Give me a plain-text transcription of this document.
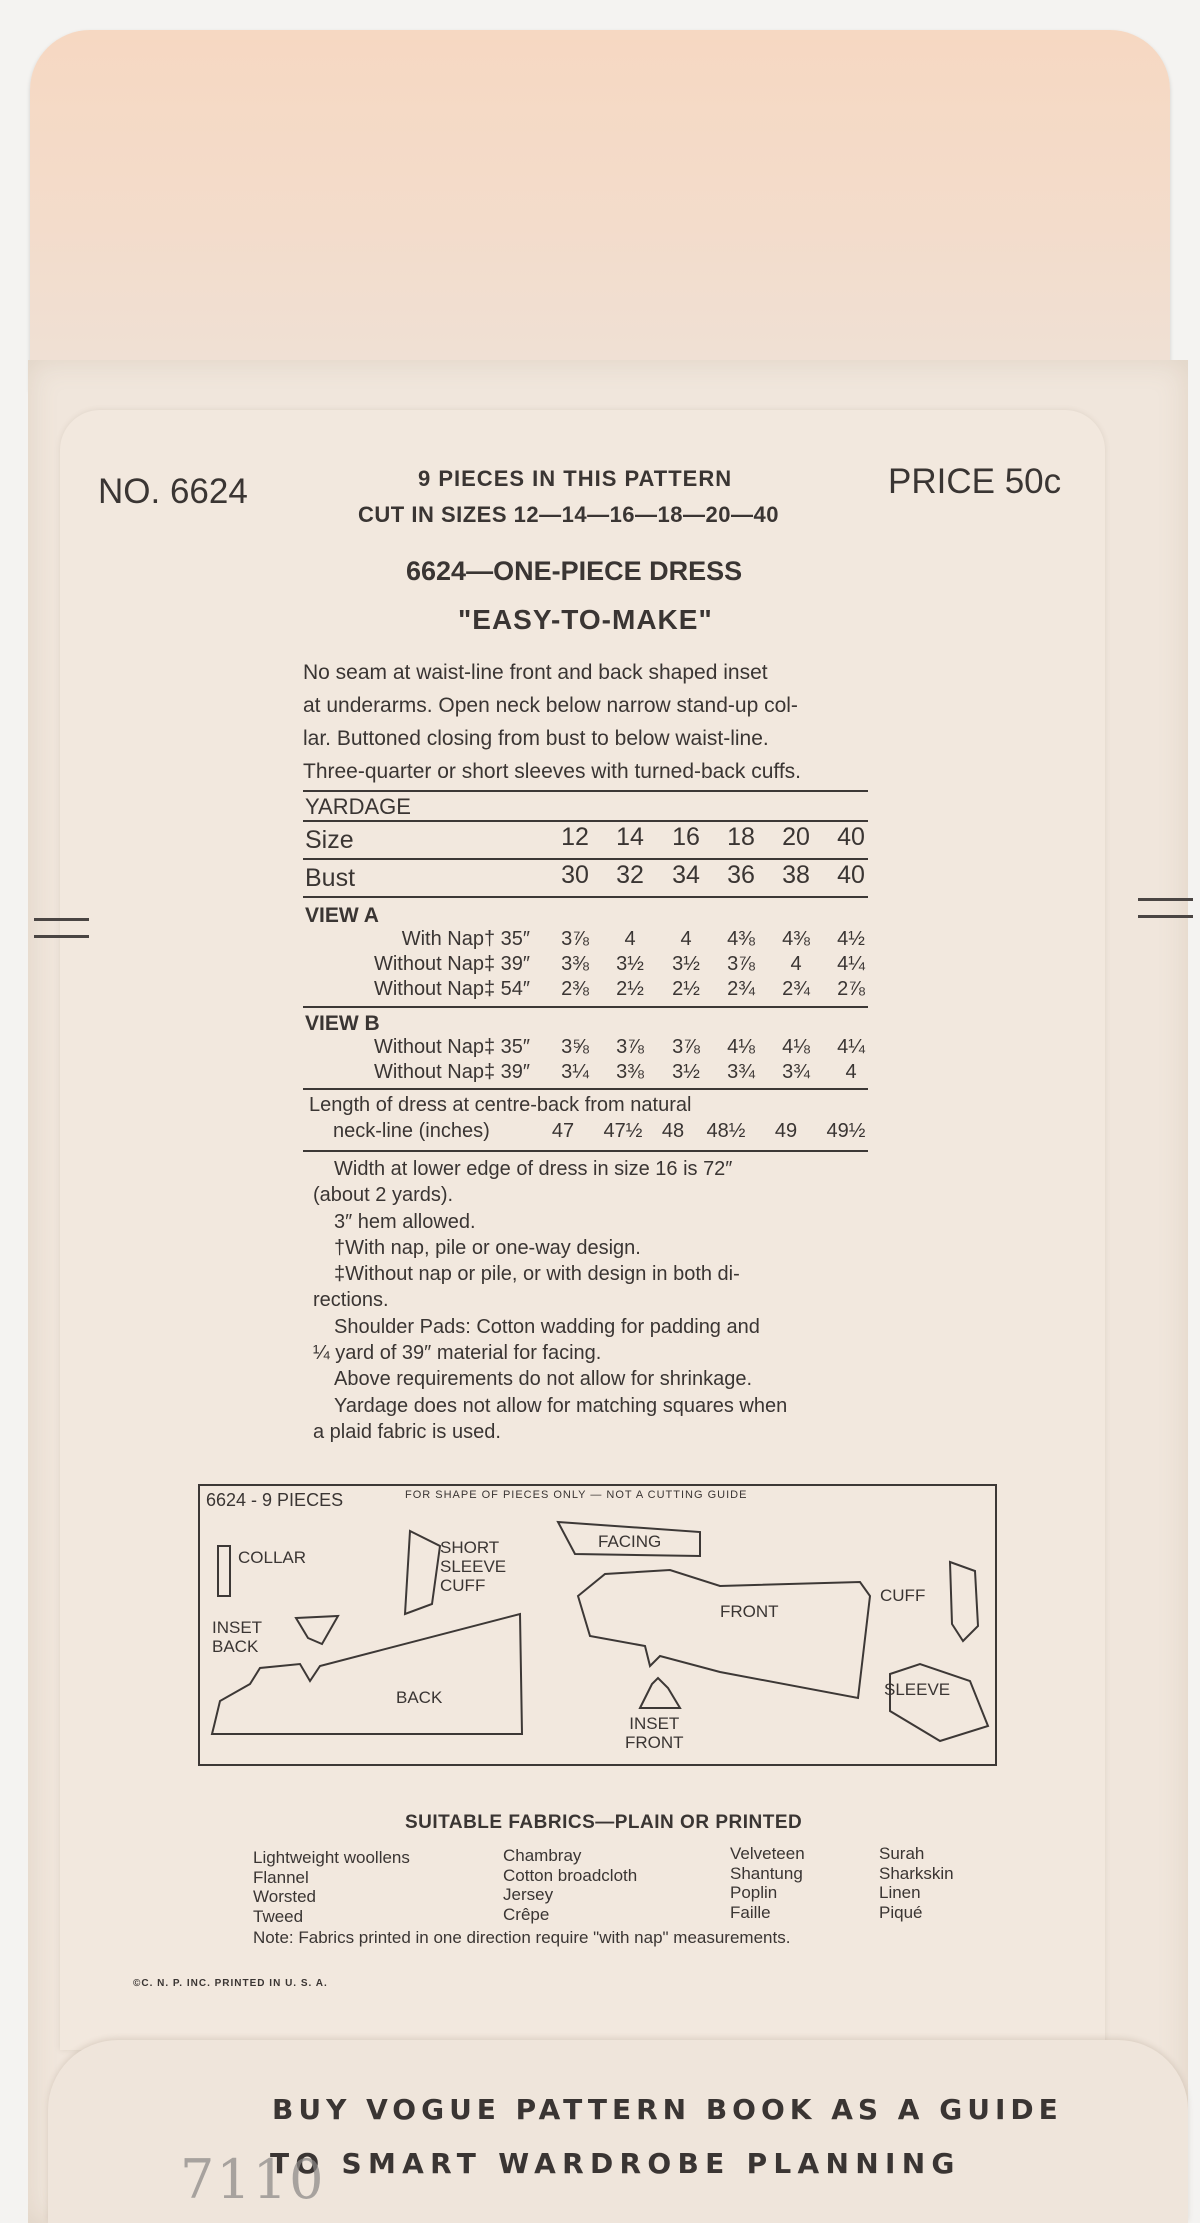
NO. 6624	9 PIECES IN THIS PATTERN
CUT IN SIZES 12—14—16—18—20—40
PRICE 50c
6624—ONE-PIECE DRESS
"EASY-TO-MAKE"
No seam at waist-line front and back shaped inset
at underarms. Open neck below narrow stand-up col-
lar. Buttoned closing from bust to below waist-line.
Three-quarter or short sleeves with turned-back cuffs.
YARDAGE
Size	12	14	16	18	20	40
Bust	30	32	34	36	38	40
VIEW A
With Nap† 35″	3⅞	4	4	4⅜	4⅜	4½
Without Nap‡ 39″	3⅜	3½	3½	3⅞	4	4¼
Without Nap‡ 54″	2⅜	2½	2½	2¾	2¾	2⅞
VIEW B
Without Nap‡ 35″	3⅝	3⅞	3⅞	4⅛	4⅛	4¼
Without Nap‡ 39″	3¼	3⅜	3½	3¾	3¾	4
Length of dress at centre-back from natural
neck-line (inches)	47	47½ 48	48½	49	49½
Width at lower edge of dress in size 16 is 72″
(about 2 yards).
3″ hem allowed.
†With nap, pile or one-way design.
‡Without nap or pile, or with design in both di-
rections.
Shoulder Pads: Cotton wadding for padding and
¼ yard of 39″ material for facing.
Above requirements do not allow for shrinkage.
Yardage does not allow for matching squares when
a plaid fabric is used.
6624 - 9 PIECES	FOR SHAPE OF PIECES ONLY — NOT A CUTTING GUIDE
COLLAR
SHORT
SLEEVE
CUFF
FACING
FRONT
CUFF
INSET
BACK
BACK
INSET
FRONT
SLEEVE
SUITABLE FABRICS—PLAIN OR PRINTED
Lightweight woollens
Flannel
Worsted
Tweed
Chambray
Cotton broadcloth
Jersey
Crêpe
Velveteen
Shantung
Poplin
Faille
Surah
Sharkskin
Linen
Piqué
Note: Fabrics printed in one direction require "with nap" measurements.
©C. N. P. INC. PRINTED IN U. S. A.
BUY VOGUE PATTERN BOOK AS A GUIDE
TO SMART WARDROBE PLANNING
7110
